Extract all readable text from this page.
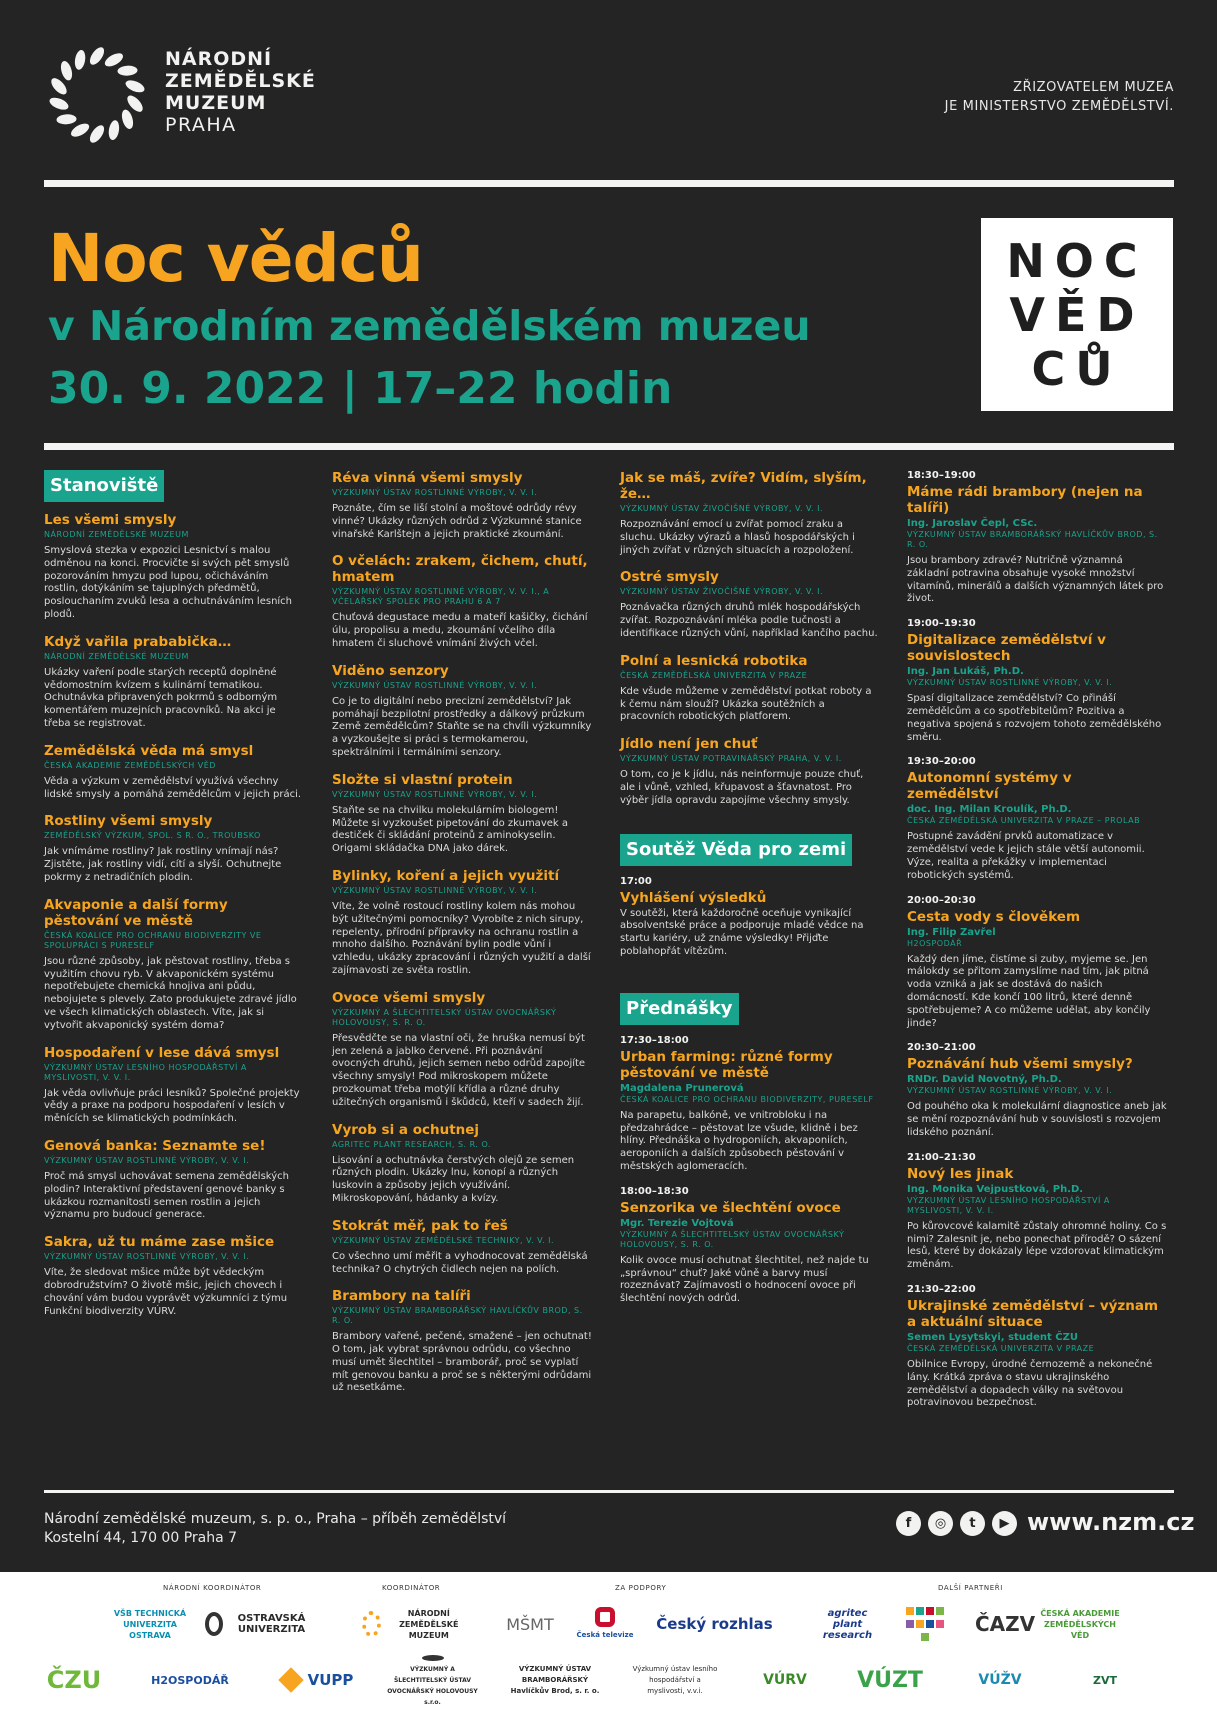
NÁRODNÍ
ZEMĚDĚLSKÉ
MUZEUM
PRAHA
ZŘIZOVATELEM MUZEA
JE MINISTERSTVO ZEMĚDĚLSTVÍ.
Noc vědců
v Národním zemědělském muzeu
30. 9. 2022 | 17–22 hodin
NOC
VĚD
CŮ
Stanoviště
Les všemi smysly
NÁRODNÍ ZEMĚDĚLSKÉ MUZEUM

Smyslová stezka v expozici Lesnictví s malou odměnou na konci. Procvičte si svých pět smyslů pozorováním hmyzu pod lupou, očicháváním rostlin, dotýkáním se tajuplných předmětů, poslouchaním zvuků lesa a ochutnáváním lesních plodů.

Když vařila prababička…
NÁRODNÍ ZEMĚDĚLSKÉ MUZEUM

Ukázky vaření podle starých receptů doplněné vědomostním kvízem s kulinární tematikou. Ochutnávka připravených pokrmů s odborným komentářem muzejních pracovníků. Na akci je třeba se registrovat.

Zemědělská věda má smysl
ČESKÁ AKADEMIE ZEMĚDĚLSKÝCH VĚD

Věda a výzkum v zemědělství využívá všechny lidské smysly a pomáhá zemědělcům v jejich práci.

Rostliny všemi smysly
ZEMĚDĚLSKÝ VÝZKUM, SPOL. S R. O., TROUBSKO

Jak vnímáme rostliny? Jak rostliny vnímají nás? Zjistěte, jak rostliny vidí, cítí a slyší. Ochutnejte pokrmy z netradičních plodin.

Akvaponie a další formy pěstování ve městě
ČESKÁ KOALICE PRO OCHRANU BIODIVERZITY VE SPOLUPRÁCI S PURESELF

Jsou různé způsoby, jak pěstovat rostliny, třeba s využitím chovu ryb. V akvaponickém systému nepotřebujete chemická hnojiva ani půdu, nebojujete s plevely. Zato produkujete zdravé jídlo ve všech klimatických oblastech. Víte, jak si vytvořit akvaponický systém doma?

Hospodaření v lese dává smysl
VÝZKUMNÝ ÚSTAV LESNÍHO HOSPODÁŘSTVÍ A MYSLIVOSTI, V. V. I.

Jak věda ovlivňuje práci lesníků? Společné projekty vědy a praxe na podporu hospodaření v lesích v měnících se klimatických podmínkách.

Genová banka: Seznamte se!
VÝZKUMNÝ ÚSTAV ROSTLINNÉ VÝROBY, V. V. I.

Proč má smysl uchovávat semena zemědělských plodin? Interaktivní představení genové banky s ukázkou rozmanitosti semen rostlin a jejich významu pro budoucí generace.

Sakra, už tu máme zase mšice
VÝZKUMNÝ ÚSTAV ROSTLINNÉ VÝROBY, V. V. I.

Víte, že sledovat mšice může být vědeckým dobrodružstvím? O životě mšic, jejich chovech i chování vám budou vyprávět výzkumníci z týmu Funkční biodiverzity VÚRV.

Réva vinná všemi smysly
VÝZKUMNÝ ÚSTAV ROSTLINNÉ VÝROBY, V. V. I.

Poznáte, čím se liší stolní a moštové odrůdy révy vinné? Ukázky různých odrůd z Výzkumné stanice vinařské Karlštejn a jejich praktické zkoumání.

O včelách: zrakem, čichem, chutí, hmatem
VÝZKUMNÝ ÚSTAV ROSTLINNÉ VÝROBY, V. V. I., A VČELAŘSKÝ SPOLEK PRO PRAHU 6 A 7

Chuťová degustace medu a mateří kašičky, čichání úlu, propolisu a medu, zkoumání včelího díla hmatem či sluchové vnímání živých včel.

Viděno senzory
VÝZKUMNÝ ÚSTAV ROSTLINNÉ VÝROBY, V. V. I.

Co je to digitální nebo precizní zemědělství? Jak pomáhají bezpilotní prostředky a dálkový průzkum Země zemědělcům? Staňte se na chvíli výzkumníky a vyzkoušejte si práci s termokamerou, spektrálními i termálními senzory.

Složte si vlastní protein
VÝZKUMNÝ ÚSTAV ROSTLINNÉ VÝROBY, V. V. I.

Staňte se na chvilku molekulárním biologem! Můžete si vyzkoušet pipetování do zkumavek a destiček či skládání proteinů z aminokyselin. Origami skládačka DNA jako dárek.

Bylinky, koření a jejich využití
VÝZKUMNÝ ÚSTAV ROSTLINNÉ VÝROBY, V. V. I.

Víte, že volně rostoucí rostliny kolem nás mohou být užitečnými pomocníky? Vyrobíte z nich sirupy, repelenty, přírodní přípravky na ochranu rostlin a mnoho dalšího. Poznávání bylin podle vůní i vzhledu, ukázky zpracování i různých využití a další zajímavosti ze světa rostlin.

Ovoce všemi smysly
VÝZKUMNÝ A ŠLECHTITELSKÝ ÚSTAV OVOCNÁŘSKÝ HOLOVOUSY, S. R. O.

Přesvědčte se na vlastní oči, že hruška nemusí být jen zelená a jablko červené. Při poznávání ovocných druhů, jejich semen nebo odrůd zapojíte všechny smysly! Pod mikroskopem můžete prozkoumat třeba motýlí křídla a různé druhy užitečných organismů i škůdců, kteří v sadech žijí.

Vyrob si a ochutnej
AGRITEC PLANT RESEARCH, S. R. O.

Lisování a ochutnávka čerstvých olejů ze semen různých plodin. Ukázky lnu, konopí a různých luskovin a způsoby jejich využívání. Mikroskopování, hádanky a kvízy.

Stokrát měř, pak to řeš
VÝZKUMNÝ ÚSTAV ZEMĚDĚLSKÉ TECHNIKY, V. V. I.

Co všechno umí měřit a vyhodnocovat zemědělská technika? O chytrých čidlech nejen na polích.

Brambory na talíři
VÝZKUMNÝ ÚSTAV BRAMBORÁŘSKÝ HAVLÍČKŮV BROD, S. R. O.

Brambory vařené, pečené, smažené – jen ochutnat! O tom, jak vybrat správnou odrůdu, co všechno musí umět šlechtitel – bramborář, proč se vyplatí mít genovou banku a proč se s některými odrůdami už nesetkáme.

Jak se máš, zvíře? Vidím, slyším, že…
VÝZKUMNÝ ÚSTAV ŽIVOČIŠNÉ VÝROBY, V. V. I.

Rozpoznávání emocí u zvířat pomocí zraku a sluchu. Ukázky výrazů a hlasů hospodářských i jiných zvířat v různých situacích a rozpoložení.

Ostré smysly
VÝZKUMNÝ ÚSTAV ŽIVOČIŠNÉ VÝROBY, V. V. I.

Poznávačka různých druhů mlék hospodářských zvířat. Rozpoznávání mléka podle tučnosti a identifikace různých vůní, například kančího pachu.

Polní a lesnická robotika
ČESKÁ ZEMĚDĚLSKÁ UNIVERZITA V PRAZE

Kde všude můžeme v zemědělství potkat roboty a k čemu nám slouží? Ukázka soutěžních a pracovních robotických platforem.

Jídlo není jen chuť
VÝZKUMNÝ ÚSTAV POTRAVINÁŘSKÝ PRAHA, V. V. I.

O tom, co je k jídlu, nás neinformuje pouze chuť, ale i vůně, vzhled, křupavost a šťavnatost. Pro výběr jídla opravdu zapojíme všechny smysly.

Soutěž Věda pro zemi
17:00
Vyhlášení výsledků

V soutěži, která každoročně oceňuje vynikající absolventské práce a podporuje mladé vědce na startu kariéry, už známe výsledky! Přijďte poblahopřát vítězům.

Přednášky
17:30–18:00
Urban farming: různé formy pěstování ve městě
Magdalena Prunerová
ČESKÁ KOALICE PRO OCHRANU BIODIVERZITY, PURESELF

Na parapetu, balkóně, ve vnitrobloku i na předzahrádce – pěstovat lze všude, klidně i bez hlíny. Přednáška o hydroponiích, akvaponiích, aeroponiích a dalších způsobech pěstování v městských aglomeracích.

18:00–18:30
Senzorika ve šlechtění ovoce
Mgr. Terezie Vojtová
VÝZKUMNÝ A ŠLECHTITELSKÝ ÚSTAV OVOCNÁŘSKÝ HOLOVOUSY, S. R. O.

Kolik ovoce musí ochutnat šlechtitel, než najde tu „správnou“ chuť? Jaké vůně a barvy musí rozeznávat? Zajímavosti o hodnocení ovoce při šlechtění nových odrůd.

18:30–19:00
Máme rádi brambory (nejen na talíři)
Ing. Jaroslav Čepl, CSc.
VÝZKUMNÝ ÚSTAV BRAMBORÁŘSKÝ HAVLÍČKŮV BROD, S. R. O.

Jsou brambory zdravé? Nutričně významná základní potravina obsahuje vysoké množství vitamínů, minerálů a dalších významných látek pro život.

19:00–19:30
Digitalizace zemědělství v souvislostech
Ing. Jan Lukáš, Ph.D.
VÝZKUMNÝ ÚSTAV ROSTLINNÉ VÝROBY, V. V. I.

Spasí digitalizace zemědělství? Co přináší zemědělcům a co spotřebitelům? Pozitiva a negativa spojená s rozvojem tohoto zemědělského směru.

19:30–20:00
Autonomní systémy v zemědělství
doc. Ing. Milan Kroulík, Ph.D.
ČESKÁ ZEMĚDĚLSKÁ UNIVERZITA V PRAZE – PROLAB

Postupné zavádění prvků automatizace v zemědělství vede k jejich stále větší autonomii. Výze, realita a překážky v implementaci robotických systémů.

20:00–20:30
Cesta vody s člověkem
Ing. Filip Zavřel
H2OSPODÁŘ

Každý den jíme, čistíme si zuby, myjeme se. Jen málokdy se přitom zamyslíme nad tím, jak pitná voda vzniká a jak se dostává do našich domácností. Kde končí 100 litrů, které denně spotřebujeme? A co můžeme udělat, aby končily jinde?

20:30–21:00
Poznávání hub všemi smysly?
RNDr. David Novotný, Ph.D.
VÝZKUMNÝ ÚSTAV ROSTLINNÉ VÝROBY, V. V. I.

Od pouhého oka k molekulární diagnostice aneb jak se mění rozpoznávání hub v souvislosti s rozvojem lidského poznání.

21:00–21:30
Nový les jinak
Ing. Monika Vejpustková, Ph.D.
VÝZKUMNÝ ÚSTAV LESNÍHO HOSPODÁŘSTVÍ A MYSLIVOSTI, V. V. I.

Po kůrovcové kalamitě zůstaly ohromné holiny. Co s nimi? Zalesnit je, nebo ponechat přírodě? O sázení lesů, které by dokázaly lépe vzdorovat klimatickým změnám.

21:30–22:00
Ukrajinské zemědělství – význam a aktuální situace
Semen Lysytskyi, student ČZU
ČESKÁ ZEMĚDĚLSKÁ UNIVERZITA V PRAZE

Obilnice Evropy, úrodné černozemě a nekonečné lány. Krátká zpráva o stavu ukrajinského zemědělství a dopadech války na světovou potravinovou bezpečnost.

Národní zemědělské muzeum, s. p. o., Praha – příběh zemědělství
Kostelní 44, 170 00 Praha 7
f	◎	t	▶ www.nzm.cz
NÁRODNÍ KOORDINÁTOR	KOORDINÁTOR	ZA PODPORY	DALŠÍ PARTNEŘI
VŠB TECHNICKÁ UNIVERZITA OSTRAVA
OSTRAVSKÁ UNIVERZITA
NÁRODNÍ ZEMĚDĚLSKÉ MUZEUM
MŠMT
Česká televize
Český rozhlas
agritec plant research	ČAZV ČESKÁ AKADEMIE ZEMĚDĚLSKÝCH VĚD
ČZU	H2OSPODÁŘ	VUPP
VÝZKUMNÝ A ŠLECHTITELSKÝ ÚSTAV OVOCNÁŘSKÝ HOLOVOUSY s.r.o.
VÝZKUMNÝ ÚSTAV BRAMBORÁŘSKÝ Havlíčkův Brod, s. r. o.
Výzkumný ústav lesního hospodářství a myslivosti, v.v.i.
VÚRV	VÚZT	VÚŽV	ZVT
